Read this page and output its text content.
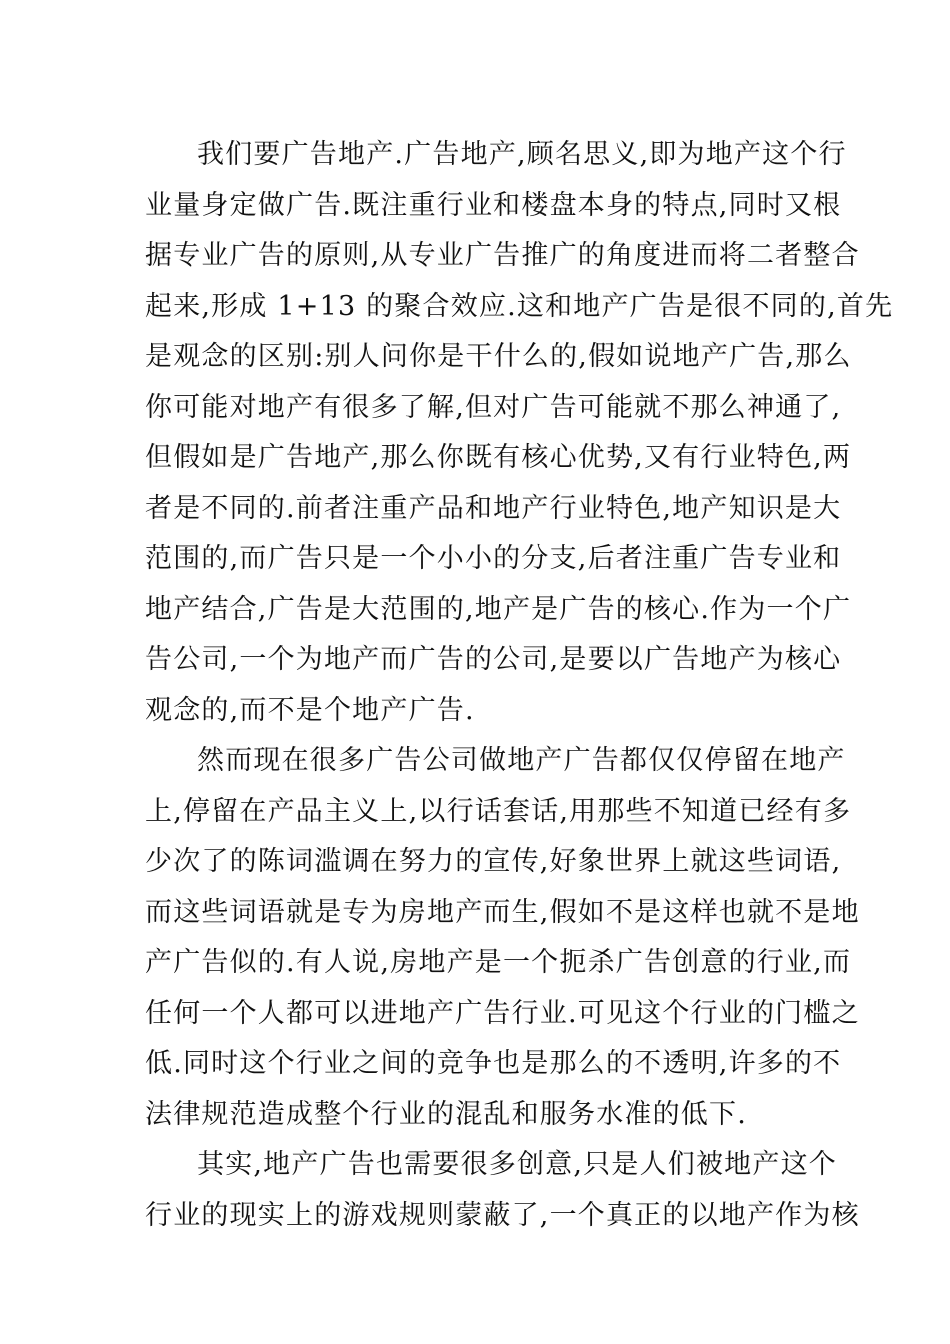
我们要广告地产.广告地产,顾名思义,即为地产这个行
业量身定做广告.既注重行业和楼盘本身的特点,同时又根
据专业广告的原则,从专业广告推广的角度进而将二者整合
起来,形成 1+13 的聚合效应.这和地产广告是很不同的,首先
是观念的区别:别人问你是干什么的,假如说地产广告,那么
你可能对地产有很多了解,但对广告可能就不那么神通了,
但假如是广告地产,那么你既有核心优势,又有行业特色,两
者是不同的.前者注重产品和地产行业特色,地产知识是大
范围的,而广告只是一个小小的分支,后者注重广告专业和
地产结合,广告是大范围的,地产是广告的核心.作为一个广
告公司,一个为地产而广告的公司,是要以广告地产为核心
观念的,而不是个地产广告.
然而现在很多广告公司做地产广告都仅仅停留在地产
上,停留在产品主义上,以行话套话,用那些不知道已经有多
少次了的陈词滥调在努力的宣传,好象世界上就这些词语,
而这些词语就是专为房地产而生,假如不是这样也就不是地
产广告似的.有人说,房地产是一个扼杀广告创意的行业,而
任何一个人都可以进地产广告行业.可见这个行业的门槛之
低.同时这个行业之间的竞争也是那么的不透明,许多的不
法律规范造成整个行业的混乱和服务水准的低下.
其实,地产广告也需要很多创意,只是人们被地产这个
行业的现实上的游戏规则蒙蔽了,一个真正的以地产作为核
